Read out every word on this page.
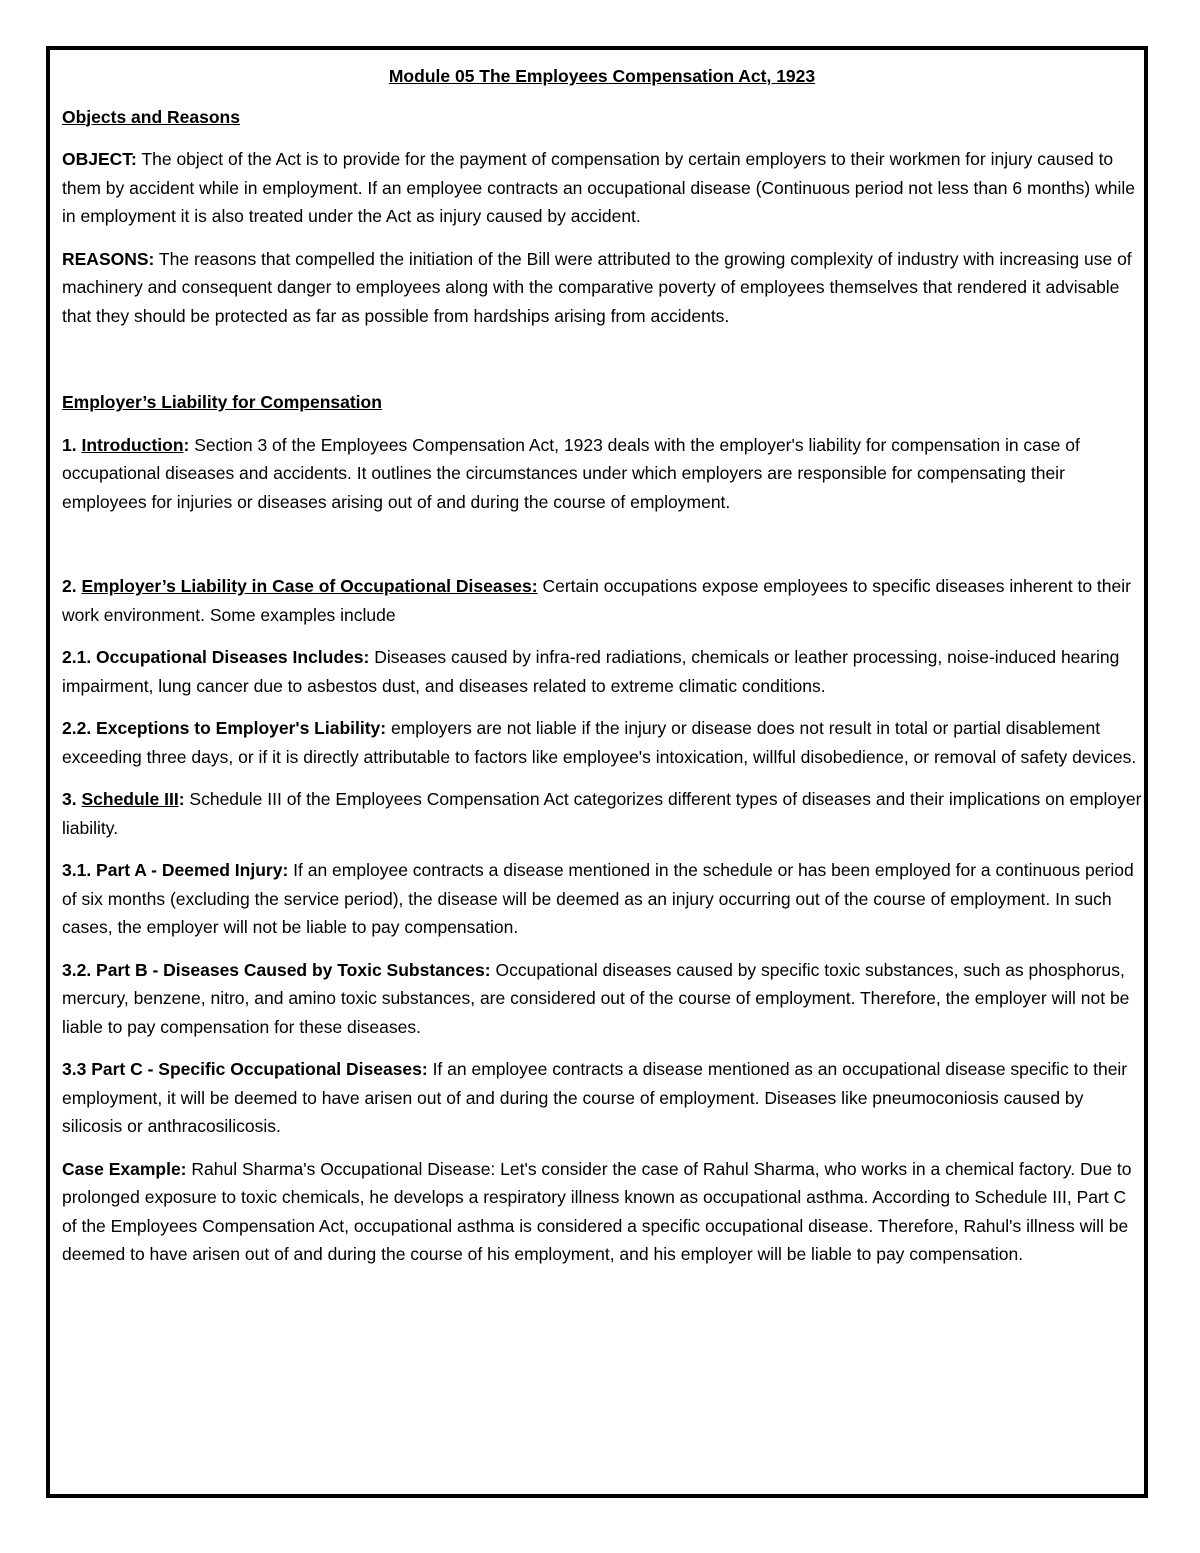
Module 05 The Employees Compensation Act, 1923
Objects and Reasons

OBJECT: The object of the Act is to provide for the payment of compensation by certain employers to their workmen for injury caused to them by accident while in employment. If an employee contracts an occupational disease (Continuous period not less than 6 months) while in employment it is also treated under the Act as injury caused by accident.

REASONS: The reasons that compelled the initiation of the Bill were attributed to the growing complexity of industry with increasing use of machinery and consequent danger to employees along with the comparative poverty of employees themselves that rendered it advisable that they should be protected as far as possible from hardships arising from accidents.

Employer’s Liability for Compensation

1. Introduction: Section 3 of the Employees Compensation Act, 1923 deals with the employer's liability for compensation in case of occupational diseases and accidents. It outlines the circumstances under which employers are responsible for compensating their employees for injuries or diseases arising out of and during the course of employment.

2. Employer’s Liability in Case of Occupational Diseases: Certain occupations expose employees to specific diseases inherent to their work environment. Some examples include

2.1. Occupational Diseases Includes: Diseases caused by infra-red radiations, chemicals or leather processing, noise-induced hearing impairment, lung cancer due to asbestos dust, and diseases related to extreme climatic conditions.

2.2. Exceptions to Employer's Liability: employers are not liable if the injury or disease does not result in total or partial disablement exceeding three days, or if it is directly attributable to factors like employee's intoxication, willful disobedience, or removal of safety devices.

3. Schedule III: Schedule III of the Employees Compensation Act categorizes different types of diseases and their implications on employer liability.

3.1. Part A - Deemed Injury: If an employee contracts a disease mentioned in the schedule or has been employed for a continuous period of six months (excluding the service period), the disease will be deemed as an injury occurring out of the course of employment. In such cases, the employer will not be liable to pay compensation.

3.2. Part B - Diseases Caused by Toxic Substances: Occupational diseases caused by specific toxic substances, such as phosphorus, mercury, benzene, nitro, and amino toxic substances, are considered out of the course of employment. Therefore, the employer will not be liable to pay compensation for these diseases.

3.3 Part C - Specific Occupational Diseases: If an employee contracts a disease mentioned as an occupational disease specific to their employment, it will be deemed to have arisen out of and during the course of employment. Diseases like pneumoconiosis caused by silicosis or anthracosilicosis.

Case Example: Rahul Sharma's Occupational Disease: Let's consider the case of Rahul Sharma, who works in a chemical factory. Due to prolonged exposure to toxic chemicals, he develops a respiratory illness known as occupational asthma. According to Schedule III, Part C of the Employees Compensation Act, occupational asthma is considered a specific occupational disease. Therefore, Rahul's illness will be deemed to have arisen out of and during the course of his employment, and his employer will be liable to pay compensation.
